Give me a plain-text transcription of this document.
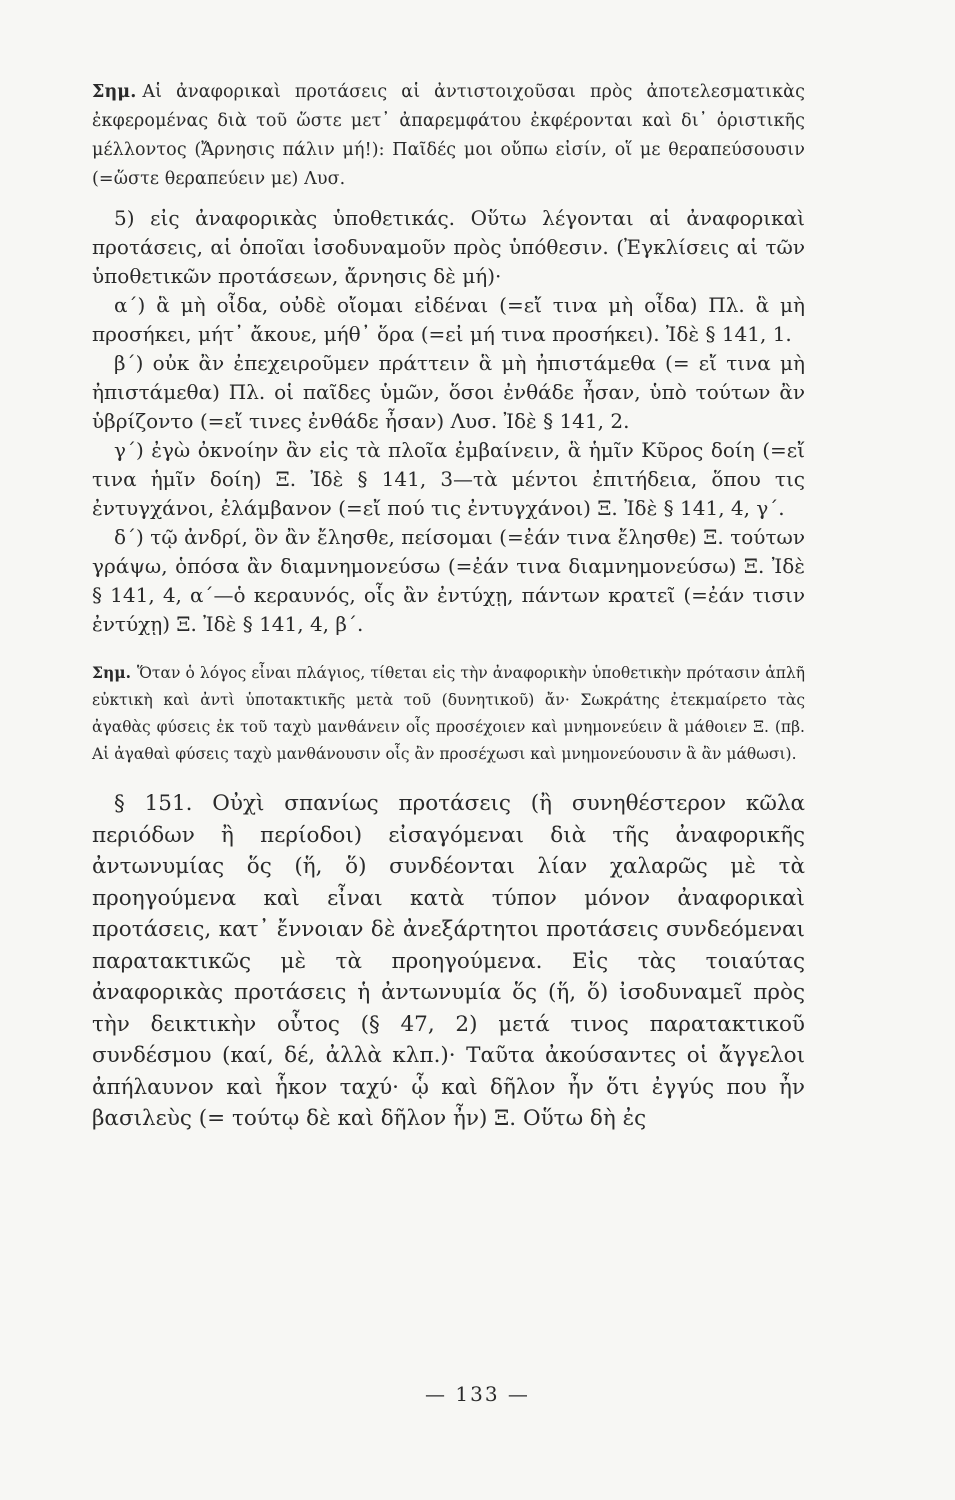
Σημ. Αἱ ἀναφορικαὶ προτάσεις αἱ ἀντιστοιχοῦσαι πρὸς ἀποτελεσματικὰς ἐκφερομένας διὰ τοῦ ὥστε μετ᾽ ἀπαρεμφάτου ἐκφέρονται καὶ δι᾽ ὁριστικῆς μέλλοντος (Ἄρνησις πάλιν μή!): Παῖδές μοι οὔπω εἰσίν, οἵ με θεραπεύσουσιν (=ὥστε θεραπεύειν με) Λυσ.

5) εἰς ἀναφορικὰς ὑποθετικάς. Οὕτω λέγονται αἱ ἀναφορικαὶ προτάσεις, αἱ ὁποῖαι ἰσοδυναμοῦν πρὸς ὑπόθεσιν. (Ἐγκλίσεις αἱ τῶν ὑποθετικῶν προτάσεων, ἄρνησις δὲ μή)·

α΄) ἃ μὴ οἶδα, οὐδὲ οἴομαι εἰδέναι (=εἴ τινα μὴ οἶδα) Πλ. ἃ μὴ προσήκει, μήτ᾽ ἄκουε, μήθ᾽ ὅρα (=εἰ μή τινα προσήκει). Ἰδὲ § 141, 1.

β΄) οὐκ ἂν ἐπεχειροῦμεν πράττειν ἃ μὴ ἠπιστάμεθα (= εἴ τινα μὴ ἠπιστάμεθα) Πλ. οἱ παῖδες ὑμῶν, ὅσοι ἐνθάδε ἦσαν, ὑπὸ τούτων ἂν ὑβρίζοντο (=εἴ τινες ἐνθάδε ἦσαν) Λυσ. Ἰδὲ § 141, 2.

γ΄) ἐγὼ ὀκνοίην ἂν εἰς τὰ πλοῖα ἐμβαίνειν, ἃ ἡμῖν Κῦρος δοίη (=εἴ τινα ἡμῖν δοίη) Ξ. Ἰδὲ § 141, 3—τὰ μέντοι ἐπιτήδεια, ὅπου τις ἐντυγχάνοι, ἐλάμβανον (=εἴ πού τις ἐντυγχάνοι) Ξ. Ἰδὲ § 141, 4, γ΄.

δ΄) τῷ ἀνδρί, ὃν ἂν ἔλησθε, πείσομαι (=ἐάν τινα ἔλησθε) Ξ. τούτων γράψω, ὁπόσα ἂν διαμνημονεύσω (=ἐάν τινα διαμνημονεύσω) Ξ. Ἰδὲ § 141, 4, α΄—ὁ κεραυνός, οἷς ἂν ἐντύχῃ, πάντων κρατεῖ (=ἐάν τισιν ἐντύχῃ) Ξ. Ἰδὲ § 141, 4, β΄.

Σημ. Ὅταν ὁ λόγος εἶναι πλάγιος, τίθεται εἰς τὴν ἀναφορικὴν ὑποθετικὴν πρότασιν ἁπλῆ εὐκτικὴ καὶ ἀντὶ ὑποτακτικῆς μετὰ τοῦ (δυνητικοῦ) ἄν· Σωκράτης ἐτεκμαίρετο τὰς ἀγαθὰς φύσεις ἐκ τοῦ ταχὺ μανθάνειν οἷς προσέχοιεν καὶ μνημονεύειν ἃ μάθοιεν Ξ. (πβ. Αἱ ἀγαθαὶ φύσεις ταχὺ μανθάνουσιν οἷς ἂν προσέχωσι καὶ μνημονεύουσιν ἃ ἂν μάθωσι).

§ 151. Οὐχὶ σπανίως προτάσεις (ἢ συνηθέστερον κῶλα περιόδων ἢ περίοδοι) εἰσαγόμεναι διὰ τῆς ἀναφορικῆς ἀντωνυμίας ὅς (ἥ, ὅ) συνδέονται λίαν χαλαρῶς μὲ τὰ προηγούμενα καὶ εἶναι κατὰ τύπον μόνον ἀναφορικαὶ προτάσεις, κατ᾽ ἔννοιαν δὲ ἀνεξάρτητοι προτάσεις συνδεόμεναι παρατακτικῶς μὲ τὰ προηγούμενα. Εἰς τὰς τοιαύτας ἀναφορικὰς προτάσεις ἡ ἀντωνυμία ὅς (ἥ, ὅ) ἰσοδυναμεῖ πρὸς τὴν δεικτικὴν οὗτος (§ 47, 2) μετά τινος παρατακτικοῦ συνδέσμου (καί, δέ, ἀλλὰ κλπ.)· Ταῦτα ἀκούσαντες οἱ ἄγγελοι ἀπήλαυνον καὶ ἧκον ταχύ· ᾧ καὶ δῆλον ἦν ὅτι ἐγγύς που ἦν βασιλεὺς (= τούτῳ δὲ καὶ δῆλον ἦν) Ξ. Οὕτω δὴ ἐς

— 133 —
